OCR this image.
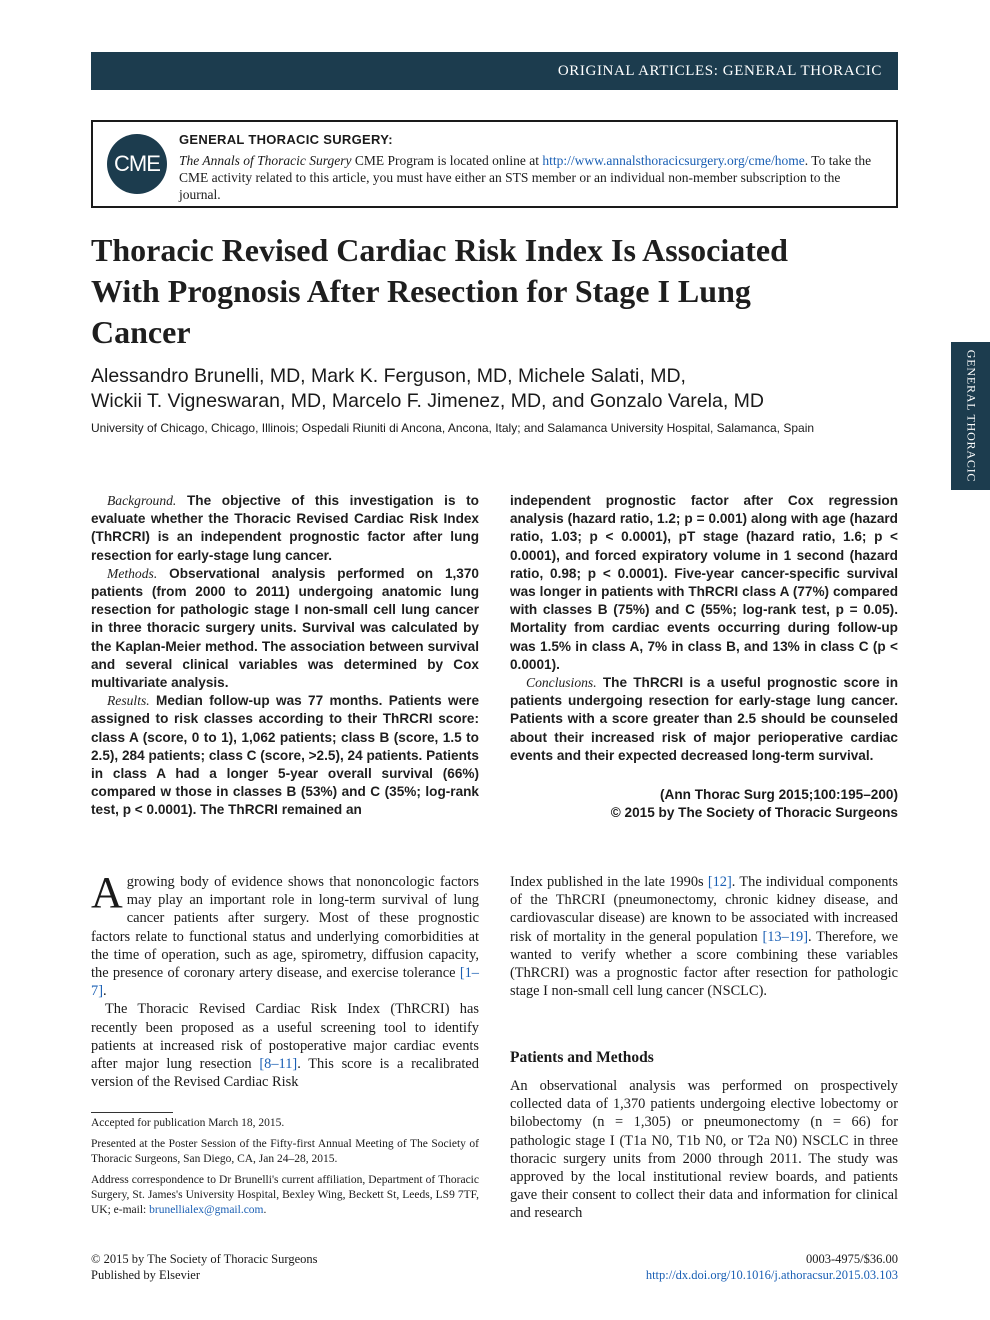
ORIGINAL ARTICLES: GENERAL THORACIC
CME
GENERAL THORACIC SURGERY:
The Annals of Thoracic Surgery CME Program is located online at http://www.annalsthoracicsurgery.org/cme/home. To take the CME activity related to this article, you must have either an STS member or an individual non-member subscription to the journal.
Thoracic Revised Cardiac Risk Index Is Associated With Prognosis After Resection for Stage I Lung Cancer
Alessandro Brunelli, MD, Mark K. Ferguson, MD, Michele Salati, MD,
Wickii T. Vigneswaran, MD, Marcelo F. Jimenez, MD, and Gonzalo Varela, MD
University of Chicago, Chicago, Illinois; Ospedali Riuniti di Ancona, Ancona, Italy; and Salamanca University Hospital, Salamanca, Spain	GENERAL THORACIC

Background. The objective of this investigation is to evaluate whether the Thoracic Revised Cardiac Risk Index (ThRCRI) is an independent prognostic factor after lung resection for early-stage lung cancer.

Methods. Observational analysis performed on 1,370 patients (from 2000 to 2011) undergoing anatomic lung resection for pathologic stage I non-small cell lung cancer in three thoracic surgery units. Survival was calculated by the Kaplan-Meier method. The association between survival and several clinical variables was determined by Cox multivariate analysis.

Results. Median follow-up was 77 months. Patients were assigned to risk classes according to their ThRCRI score: class A (score, 0 to 1), 1,062 patients; class B (score, 1.5 to 2.5), 284 patients; class C (score, >2.5), 24 patients. Patients in class A had a longer 5-year overall survival (66%) compared w those in classes B (53%) and C (35%; log-rank test, p < 0.0001). The ThRCRI remained an

independent prognostic factor after Cox regression analysis (hazard ratio, 1.2; p = 0.001) along with age (hazard ratio, 1.03; p < 0.0001), pT stage (hazard ratio, 1.6; p < 0.0001), and forced expiratory volume in 1 second (hazard ratio, 0.98; p < 0.0001). Five-year cancer-specific survival was longer in patients with ThRCRI class A (77%) compared with classes B (75%) and C (55%; log-rank test, p = 0.05). Mortality from cardiac events occurring during follow-up was 1.5% in class A, 7% in class B, and 13% in class C (p < 0.0001).

Conclusions. The ThRCRI is a useful prognostic score in patients undergoing resection for early-stage lung cancer. Patients with a score greater than 2.5 should be counseled about their increased risk of major perioperative cardiac events and their expected decreased long-term survival.

(Ann Thorac Surg 2015;100:195–200)
© 2015 by The Society of Thoracic Surgeons

A growing body of evidence shows that nononcologic factors may play an important role in long-term survival of lung cancer patients after surgery. Most of these prognostic factors relate to functional status and underlying comorbidities at the time of operation, such as age, spirometry, diffusion capacity, the presence of coronary artery disease, and exercise tolerance [1–7].

The Thoracic Revised Cardiac Risk Index (ThRCRI) has recently been proposed as a useful screening tool to identify patients at increased risk of postoperative major cardiac events after major lung resection [8–11]. This score is a recalibrated version of the Revised Cardiac Risk

Index published in the late 1990s [12]. The individual components of the ThRCRI (pneumonectomy, chronic kidney disease, and cardiovascular disease) are known to be associated with increased risk of mortality in the general population [13–19]. Therefore, we wanted to verify whether a score combining these variables (ThRCRI) was a prognostic factor after resection for pathologic stage I non-small cell lung cancer (NSCLC).

Patients and Methods

An observational analysis was performed on prospectively collected data of 1,370 patients undergoing elective lobectomy or bilobectomy (n = 1,305) or pneumonectomy (n = 66) for pathologic stage I (T1a N0, T1b N0, or T2a N0) NSCLC in three thoracic surgery units from 2000 through 2011. The study was approved by the local institutional review boards, and patients gave their consent to collect their data and information for clinical and research

Accepted for publication March 18, 2015.

Presented at the Poster Session of the Fifty-first Annual Meeting of The Society of Thoracic Surgeons, San Diego, CA, Jan 24–28, 2015.

Address correspondence to Dr Brunelli's current affiliation, Department of Thoracic Surgery, St. James's University Hospital, Bexley Wing, Beckett St, Leeds, LS9 7TF, UK; e-mail: brunellialex@gmail.com.

© 2015 by The Society of Thoracic Surgeons
Published by Elsevier
0003-4975/$36.00
http://dx.doi.org/10.1016/j.athoracsur.2015.03.103
